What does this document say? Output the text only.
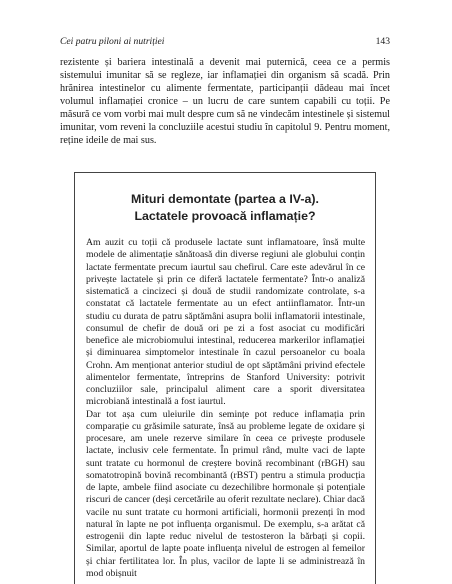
Cei patru piloni ai nutriției	143

rezistente și bariera intestinală a devenit mai puternică, ceea ce a permis sistemului imunitar să se regleze, iar inflamației din organism să scadă. Prin hrănirea intestinelor cu alimente fermentate, participanții dădeau mai încet volumul inflamației cronice – un lucru de care suntem capabili cu toții. Pe măsură ce vom vorbi mai mult despre cum să ne vindecăm intestinele și sistemul imunitar, vom reveni la concluziile acestui studiu în capitolul 9. Pentru moment, reține ideile de mai sus.

Mituri demontate (partea a IV-a).
Lactatele provoacă inflamație?

Am auzit cu toții că produsele lactate sunt inflamatoare, însă multe modele de alimentație sănătoasă din diverse regiuni ale globului conțin lactate fermentate precum iaurtul sau chefirul. Care este adevărul în ce privește lactatele și prin ce diferă lactatele fermentate? Într-o analiză sistematică a cincizeci și două de studii randomizate controlate, s-a constatat că lactatele fermentate au un efect antiinflamator. Într-un studiu cu durata de patru săptămâni asupra bolii inflamatorii intestinale, consumul de chefir de două ori pe zi a fost asociat cu modificări benefice ale microbiomului intestinal, reducerea markerilor inflamației și diminuarea simptomelor intestinale în cazul persoanelor cu boala Crohn. Am menționat anterior studiul de opt săptămâni privind efectele alimentelor fermentate, întreprins de Stanford University: potrivit concluziilor sale, principalul aliment care a sporit diversitatea microbiană intestinală a fost iaurtul.

Dar tot așa cum uleiurile din semințe pot reduce inflamația prin comparație cu grăsimile saturate, însă au probleme legate de oxidare și procesare, am unele rezerve similare în ceea ce privește produsele lactate, inclusiv cele fermentate. În primul rând, multe vaci de lapte sunt tratate cu hormonul de creștere bovină recombinant (rBGH) sau somatotropină bovină recombinantă (rBST) pentru a stimula producția de lapte, ambele fiind asociate cu dezechilibre hormonale și potențiale riscuri de cancer (deși cercetările au oferit rezultate neclare). Chiar dacă vacile nu sunt tratate cu hormoni artificiali, hormonii prezenți în mod natural în lapte ne pot influența organismul. De exemplu, s-a arătat că estrogenii din lapte reduc nivelul de testosteron la bărbați și copii. Similar, aportul de lapte poate influența nivelul de estrogen al femeilor și chiar fertilitatea lor. În plus, vacilor de lapte li se administrează în mod obișnuit
